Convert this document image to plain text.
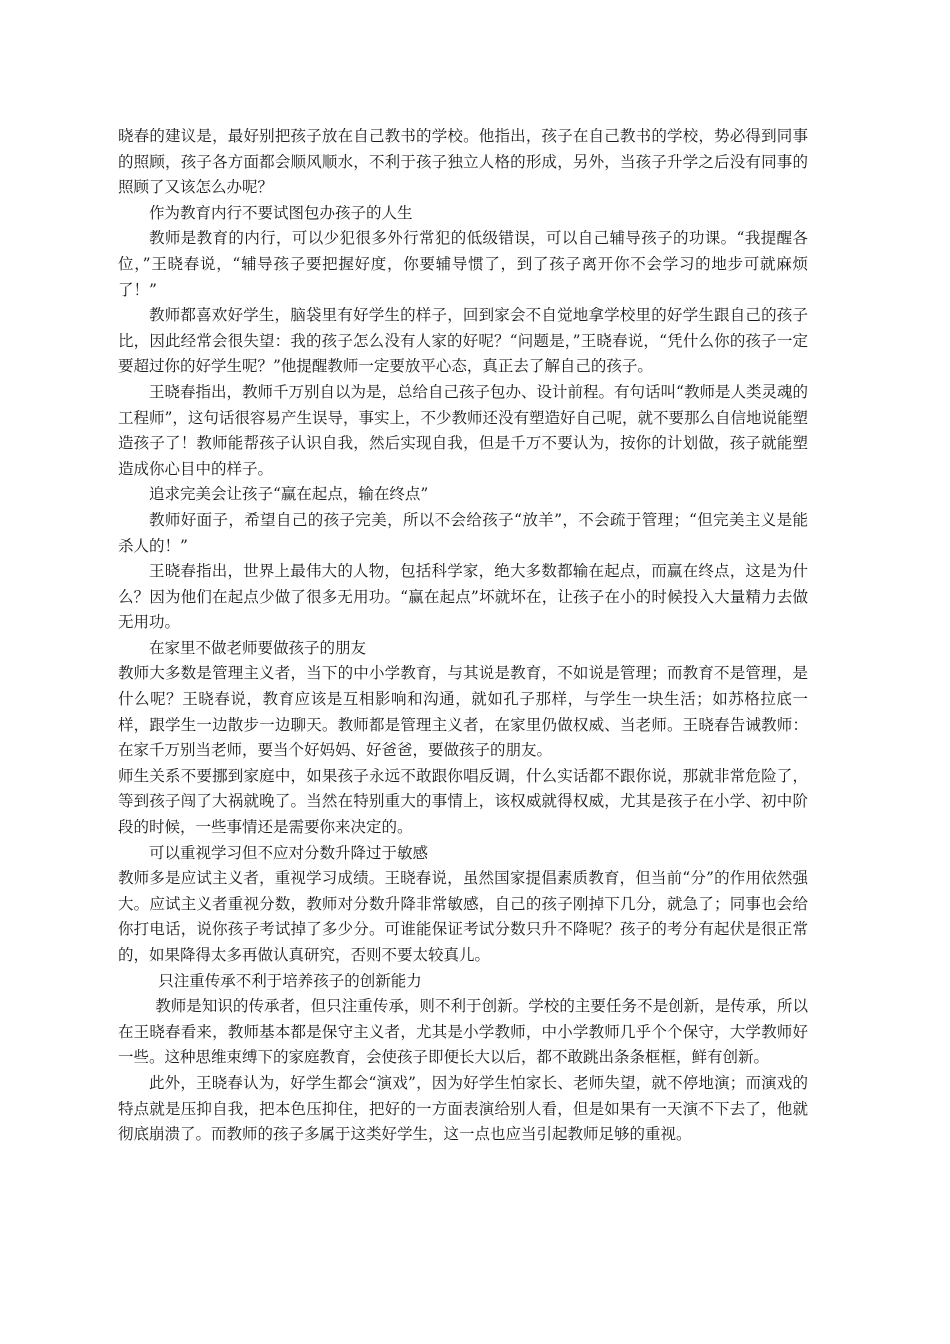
晓春的建议是，最好别把孩子放在自己教书的学校。他指出，孩子在自己教书的学校，势必得到同事的照顾，孩子各方面都会顺风顺水，不利于孩子独立人格的形成，另外，当孩子升学之后没有同事的照顾了又该怎么办呢？

作为教育内行不要试图包办孩子的人生

教师是教育的内行，可以少犯很多外行常犯的低级错误，可以自己辅导孩子的功课。“我提醒各位，”王晓春说，“辅导孩子要把握好度，你要辅导惯了，到了孩子离开你不会学习的地步可就麻烦了！”

教师都喜欢好学生，脑袋里有好学生的样子，回到家会不自觉地拿学校里的好学生跟自己的孩子比，因此经常会很失望：我的孩子怎么没有人家的好呢？“问题是，”王晓春说，“凭什么你的孩子一定要超过你的好学生呢？”他提醒教师一定要放平心态，真正去了解自己的孩子。

王晓春指出，教师千万别自以为是，总给自己孩子包办、设计前程。有句话叫“教师是人类灵魂的工程师”，这句话很容易产生误导，事实上，不少教师还没有塑造好自己呢，就不要那么自信地说能塑造孩子了！教师能帮孩子认识自我，然后实现自我，但是千万不要认为，按你的计划做，孩子就能塑造成你心目中的样子。

追求完美会让孩子“赢在起点，输在终点”

教师好面子，希望自己的孩子完美，所以不会给孩子“放羊”，不会疏于管理；“但完美主义是能杀人的！”

王晓春指出，世界上最伟大的人物，包括科学家，绝大多数都输在起点，而赢在终点，这是为什么？因为他们在起点少做了很多无用功。“赢在起点”坏就坏在，让孩子在小的时候投入大量精力去做无用功。

在家里不做老师要做孩子的朋友

教师大多数是管理主义者，当下的中小学教育，与其说是教育，不如说是管理；而教育不是管理，是什么呢？王晓春说，教育应该是互相影响和沟通，就如孔子那样，与学生一块生活；如苏格拉底一样，跟学生一边散步一边聊天。教师都是管理主义者，在家里仍做权威、当老师。王晓春告诫教师：在家千万别当老师，要当个好妈妈、好爸爸，要做孩子的朋友。

师生关系不要挪到家庭中，如果孩子永远不敢跟你唱反调，什么实话都不跟你说，那就非常危险了，等到孩子闯了大祸就晚了。当然在特别重大的事情上，该权威就得权威，尤其是孩子在小学、初中阶段的时候，一些事情还是需要你来决定的。

可以重视学习但不应对分数升降过于敏感

教师多是应试主义者，重视学习成绩。王晓春说，虽然国家提倡素质教育，但当前“分”的作用依然强大。应试主义者重视分数，教师对分数升降非常敏感，自己的孩子刚掉下几分，就急了；同事也会给你打电话，说你孩子考试掉了多少分。可谁能保证考试分数只升不降呢？孩子的考分有起伏是很正常的，如果降得太多再做认真研究，否则不要太较真儿。

只注重传承不利于培养孩子的创新能力

教师是知识的传承者，但只注重传承，则不利于创新。学校的主要任务不是创新，是传承，所以在王晓春看来，教师基本都是保守主义者，尤其是小学教师，中小学教师几乎个个保守，大学教师好一些。这种思维束缚下的家庭教育，会使孩子即便长大以后，都不敢跳出条条框框，鲜有创新。

此外，王晓春认为，好学生都会“演戏”，因为好学生怕家长、老师失望，就不停地演；而演戏的特点就是压抑自我，把本色压抑住，把好的一方面表演给别人看，但是如果有一天演不下去了，他就彻底崩溃了。而教师的孩子多属于这类好学生，这一点也应当引起教师足够的重视。
